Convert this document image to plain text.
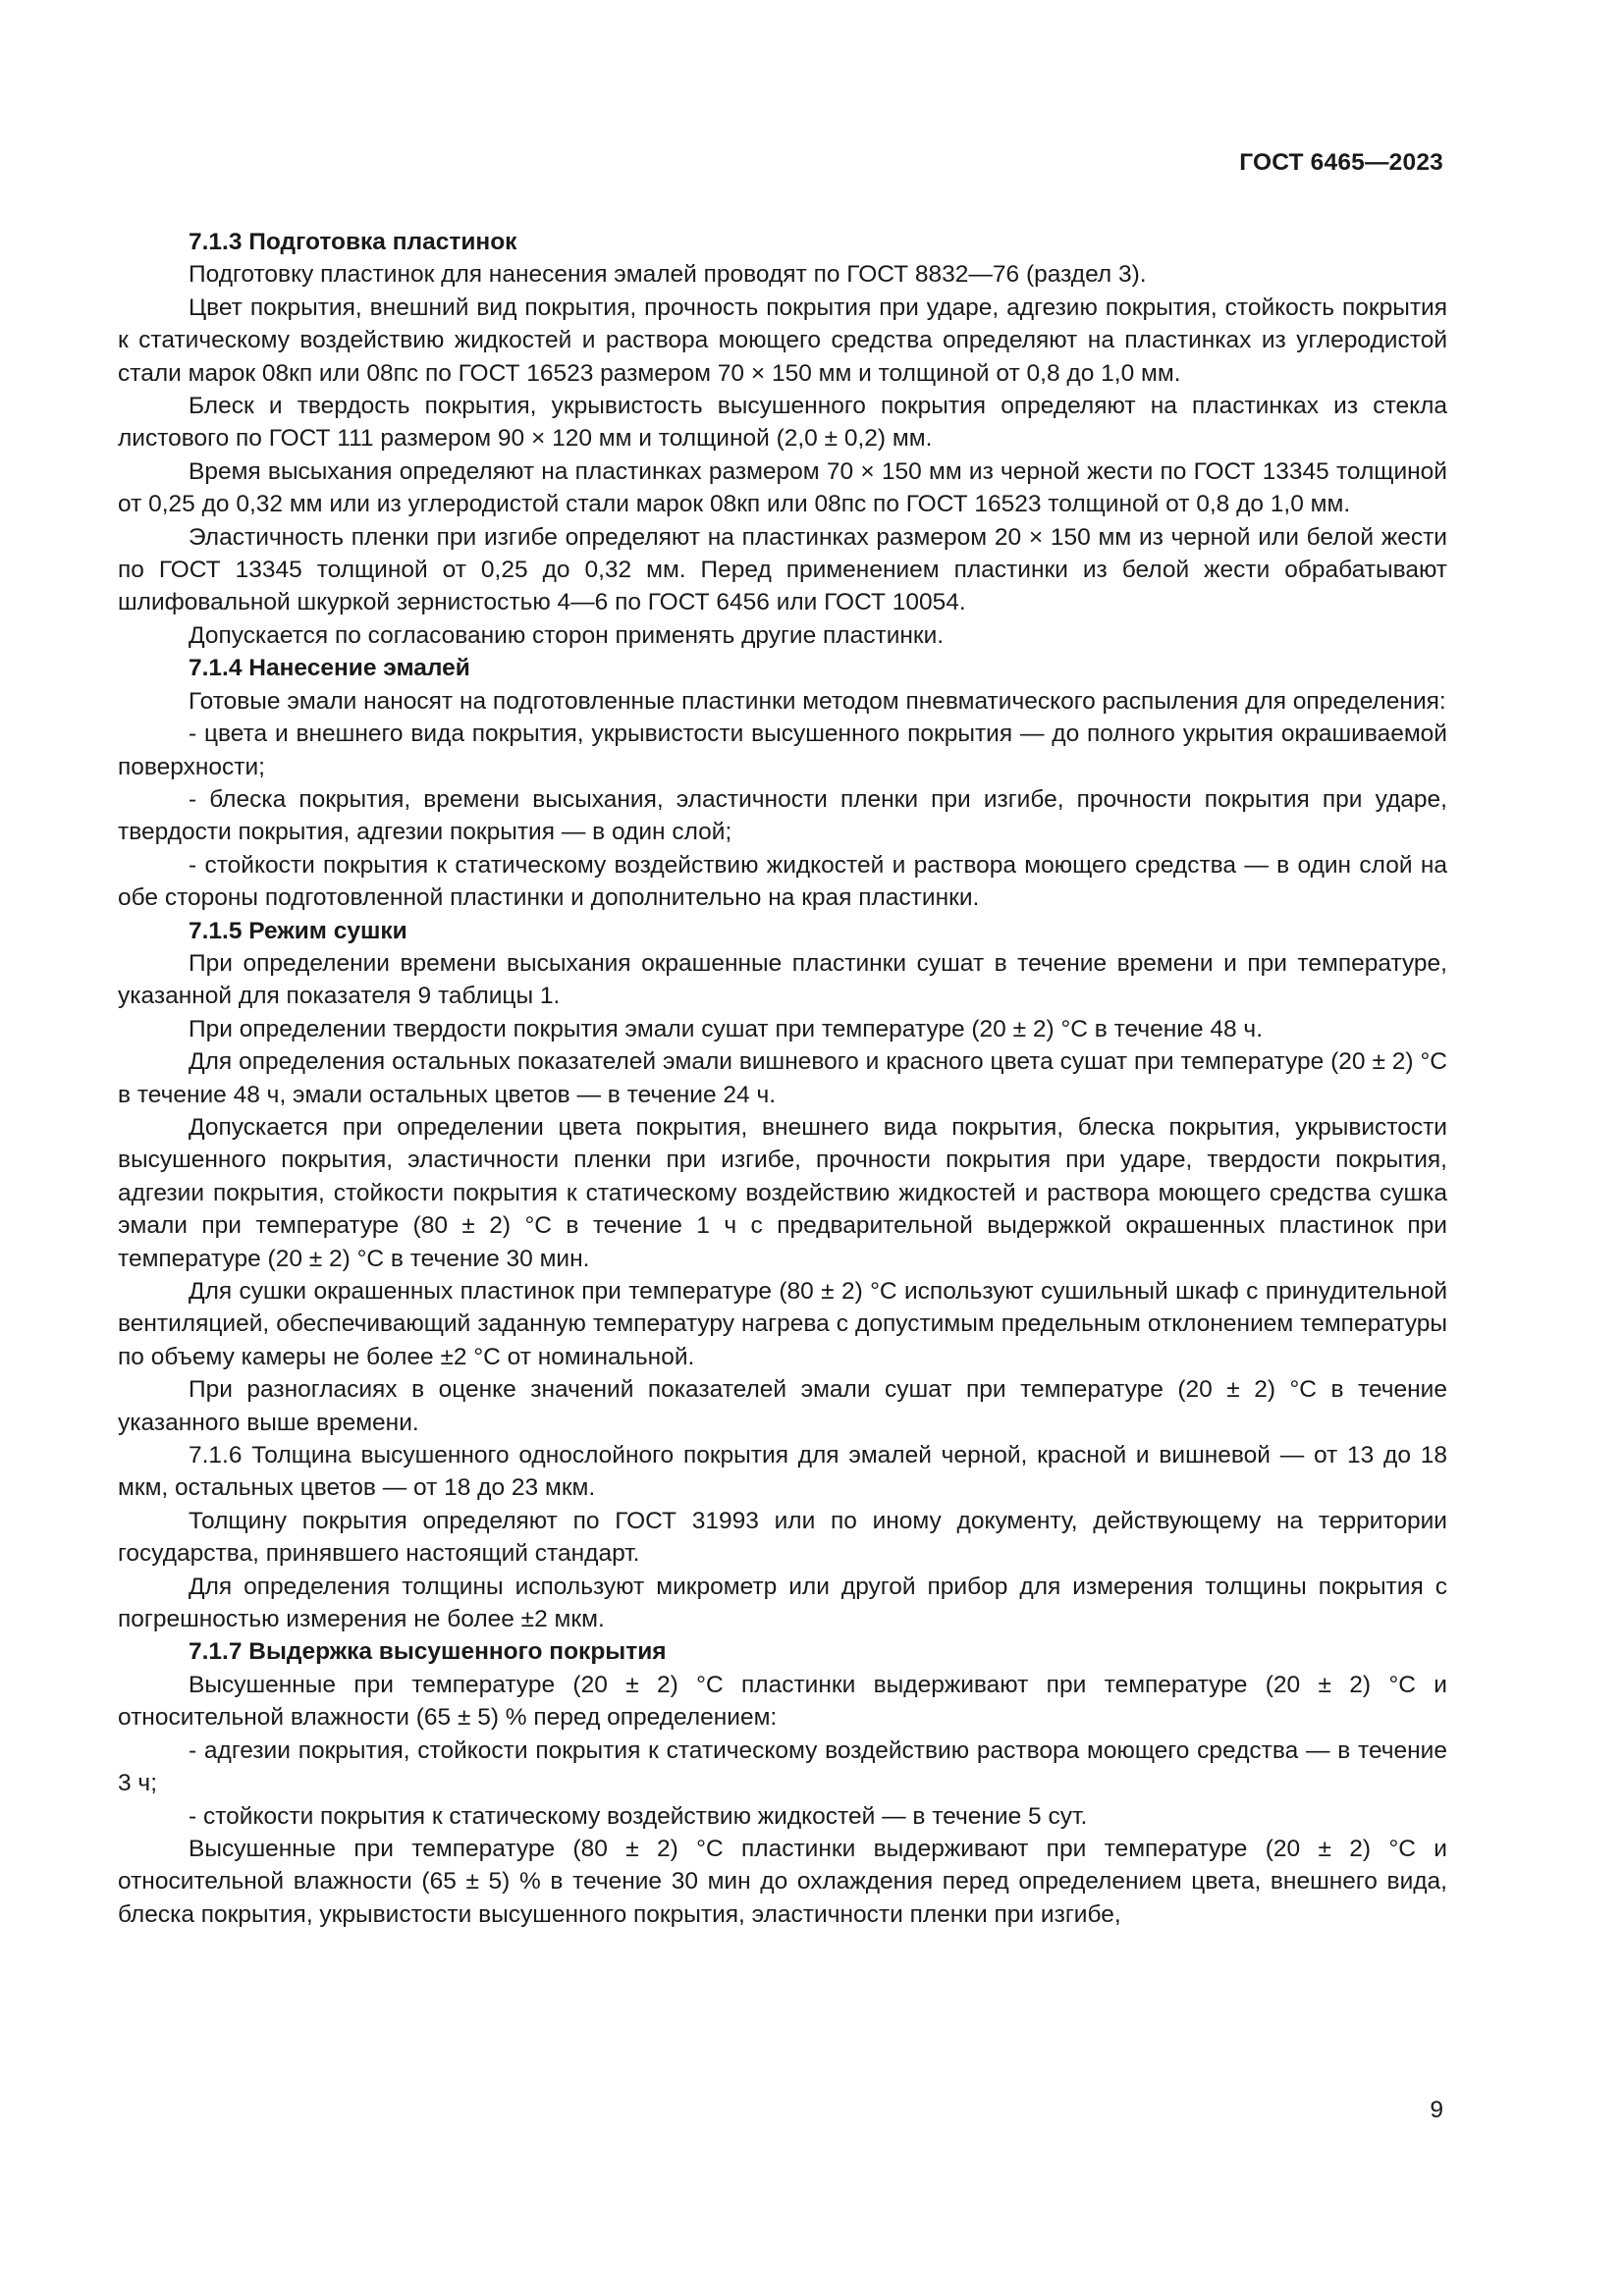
ГОСТ 6465—2023

7.1.3 Подготовка пластинок

Подготовку пластинок для нанесения эмалей проводят по ГОСТ 8832—76 (раздел 3).

Цвет покрытия, внешний вид покрытия, прочность покрытия при ударе, адгезию покрытия, стойкость покрытия к статическому воздействию жидкостей и раствора моющего средства определяют на пластинках из углеродистой стали марок 08кп или 08пс по ГОСТ 16523 размером 70 × 150 мм и толщиной от 0,8 до 1,0 мм.

Блеск и твердость покрытия, укрывистость высушенного покрытия определяют на пластинках из стекла листового по ГОСТ 111 размером 90 × 120 мм и толщиной (2,0 ± 0,2) мм.

Время высыхания определяют на пластинках размером 70 × 150 мм из черной жести по ГОСТ 13345 толщиной от 0,25 до 0,32 мм или из углеродистой стали марок 08кп или 08пс по ГОСТ 16523 толщиной от 0,8 до 1,0 мм.

Эластичность пленки при изгибе определяют на пластинках размером 20 × 150 мм из черной или белой жести по ГОСТ 13345 толщиной от 0,25 до 0,32 мм. Перед применением пластинки из белой жести обрабатывают шлифовальной шкуркой зернистостью 4—6 по ГОСТ 6456 или ГОСТ 10054.

Допускается по согласованию сторон применять другие пластинки.

7.1.4 Нанесение эмалей

Готовые эмали наносят на подготовленные пластинки методом пневматического распыления для определения:

- цвета и внешнего вида покрытия, укрывистости высушенного покрытия — до полного укрытия окрашиваемой поверхности;

- блеска покрытия, времени высыхания, эластичности пленки при изгибе, прочности покрытия при ударе, твердости покрытия, адгезии покрытия — в один слой;

- стойкости покрытия к статическому воздействию жидкостей и раствора моющего средства — в один слой на обе стороны подготовленной пластинки и дополнительно на края пластинки.

7.1.5 Режим сушки

При определении времени высыхания окрашенные пластинки сушат в течение времени и при температуре, указанной для показателя 9 таблицы 1.

При определении твердости покрытия эмали сушат при температуре (20 ± 2) °С в течение 48 ч.

Для определения остальных показателей эмали вишневого и красного цвета сушат при температуре (20 ± 2) °С в течение 48 ч, эмали остальных цветов — в течение 24 ч.

Допускается при определении цвета покрытия, внешнего вида покрытия, блеска покрытия, укрывистости высушенного покрытия, эластичности пленки при изгибе, прочности покрытия при ударе, твердости покрытия, адгезии покрытия, стойкости покрытия к статическому воздействию жидкостей и раствора моющего средства сушка эмали при температуре (80 ± 2) °С в течение 1 ч с предварительной выдержкой окрашенных пластинок при температуре (20 ± 2) °С в течение 30 мин.

Для сушки окрашенных пластинок при температуре (80 ± 2) °С используют сушильный шкаф с принудительной вентиляцией, обеспечивающий заданную температуру нагрева с допустимым предельным отклонением температуры по объему камеры не более ±2 °С от номинальной.

При разногласиях в оценке значений показателей эмали сушат при температуре (20 ± 2) °С в течение указанного выше времени.

7.1.6 Толщина высушенного однослойного покрытия для эмалей черной, красной и вишневой — от 13 до 18 мкм, остальных цветов — от 18 до 23 мкм.

Толщину покрытия определяют по ГОСТ 31993 или по иному документу, действующему на территории государства, принявшего настоящий стандарт.

Для определения толщины используют микрометр или другой прибор для измерения толщины покрытия с погрешностью измерения не более ±2 мкм.

7.1.7 Выдержка высушенного покрытия

Высушенные при температуре (20 ± 2) °С пластинки выдерживают при температуре (20 ± 2) °С и относительной влажности (65 ± 5) % перед определением:

- адгезии покрытия, стойкости покрытия к статическому воздействию раствора моющего средства — в течение 3 ч;

- стойкости покрытия к статическому воздействию жидкостей — в течение 5 сут.

Высушенные при температуре (80 ± 2) °С пластинки выдерживают при температуре (20 ± 2) °С и относительной влажности (65 ± 5) % в течение 30 мин до охлаждения перед определением цвета, внешнего вида, блеска покрытия, укрывистости высушенного покрытия, эластичности пленки при изгибе,

9
